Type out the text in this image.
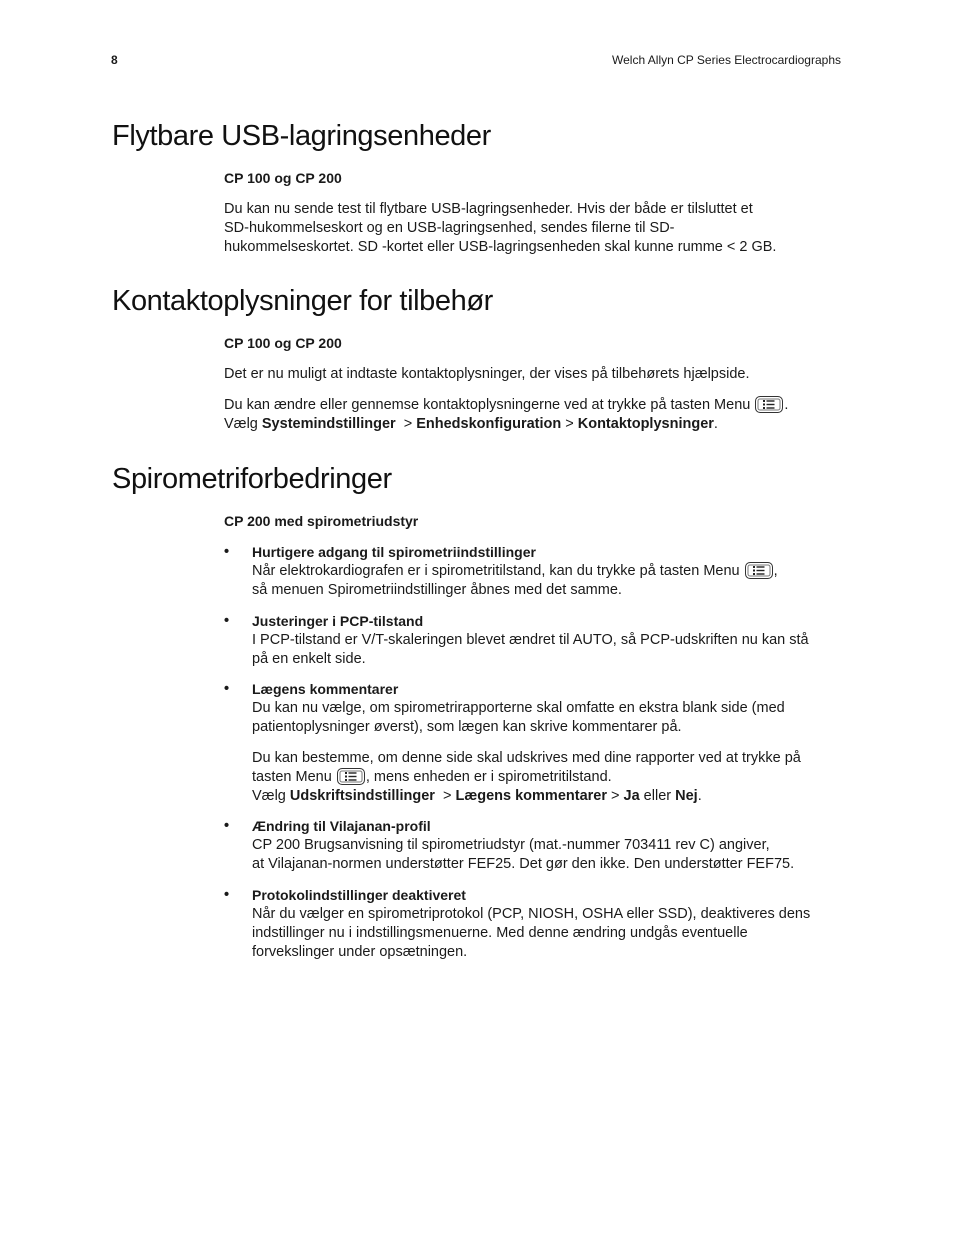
8	Welch Allyn CP Series Electrocardiographs
Flytbare USB-lagringsenheder
CP 100 og CP 200
Du kan nu sende test til flytbare USB-lagringsenheder. Hvis der både er tilsluttet et
SD-hukommelseskort og en USB-lagringsenhed, sendes filerne til SD-
hukommelseskortet. SD -kortet eller USB-lagringsenheden skal kunne rumme < 2 GB.
Kontaktoplysninger for tilbehør
CP 100 og CP 200
Det er nu muligt at indtaste kontaktoplysninger, der vises på tilbehørets hjælpside.
Du kan ændre eller gennemse kontaktoplysningerne ved at trykke på tasten Menu .
Vælg Systemindstillinger  > Enhedskonfiguration > Kontaktoplysninger.
Spirometriforbedringer
CP 200 med spirometriudstyr
• Hurtigere adgang til spirometriindstillinger
Når elektrokardiografen er i spirometritilstand, kan du trykke på tasten Menu ,
så menuen Spirometriindstillinger åbnes med det samme.
• Justeringer i PCP-tilstand
I PCP-tilstand er V/T-skaleringen blevet ændret til AUTO, så PCP-udskriften nu kan stå
på en enkelt side.
• Lægens kommentarer
Du kan nu vælge, om spirometrirapporterne skal omfatte en ekstra blank side (med
patientoplysninger øverst), som lægen kan skrive kommentarer på.
Du kan bestemme, om denne side skal udskrives med dine rapporter ved at trykke på
tasten Menu , mens enheden er i spirometritilstand.
Vælg Udskriftsindstillinger  > Lægens kommentarer > Ja eller Nej.
• Ændring til Vilajanan-profil
CP 200 Brugsanvisning til spirometriudstyr (mat.-nummer 703411 rev C) angiver,
at Vilajanan-normen understøtter FEF25. Det gør den ikke. Den understøtter FEF75.
• Protokolindstillinger deaktiveret
Når du vælger en spirometriprotokol (PCP, NIOSH, OSHA eller SSD), deaktiveres dens
indstillinger nu i indstillingsmenuerne. Med denne ændring undgås eventuelle
forvekslinger under opsætningen.
